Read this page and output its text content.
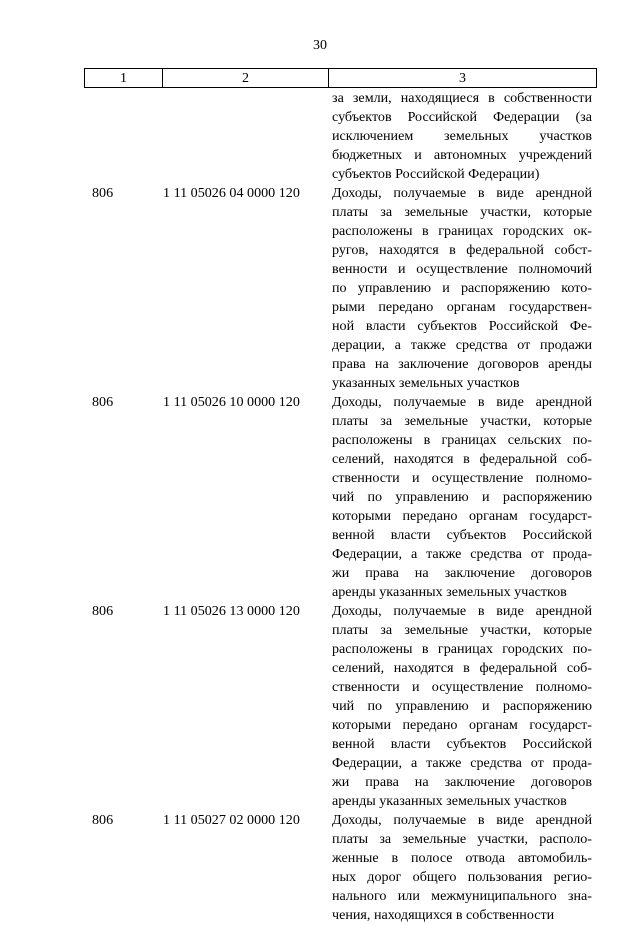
30
1	2	3
за земли, находящиеся в собственности
субъектов Российской Федерации (за
исключением земельных участков
бюджетных и автономных учреждений
субъектов Российской Федерации)
806	1 11 05026 04 0000 120	Доходы, получаемые в виде арендной
платы за земельные участки, которые
расположены в границах городских ок-
ругов, находятся в федеральной собст-
венности и осуществление полномочий
по управлению и распоряжению кото-
рыми передано органам государствен-
ной власти субъектов Российской Фе-
дерации, а также средства от продажи
права на заключение договоров аренды
указанных земельных участков
806	1 11 05026 10 0000 120	Доходы, получаемые в виде арендной
платы за земельные участки, которые
расположены в границах сельских по-
селений, находятся в федеральной соб-
ственности и осуществление полномо-
чий по управлению и распоряжению
которыми передано органам государст-
венной власти субъектов Российской
Федерации, а также средства от прода-
жи права на заключение договоров
аренды указанных земельных участков
806	1 11 05026 13 0000 120	Доходы, получаемые в виде арендной
платы за земельные участки, которые
расположены в границах городских по-
селений, находятся в федеральной соб-
ственности и осуществление полномо-
чий по управлению и распоряжению
которыми передано органам государст-
венной власти субъектов Российской
Федерации, а также средства от прода-
жи права на заключение договоров
аренды указанных земельных участков
806	1 11 05027 02 0000 120	Доходы, получаемые в виде арендной
платы за земельные участки, располо-
женные в полосе отвода автомобиль-
ных дорог общего пользования регио-
нального или межмуниципального зна-
чения, находящихся в собственности
